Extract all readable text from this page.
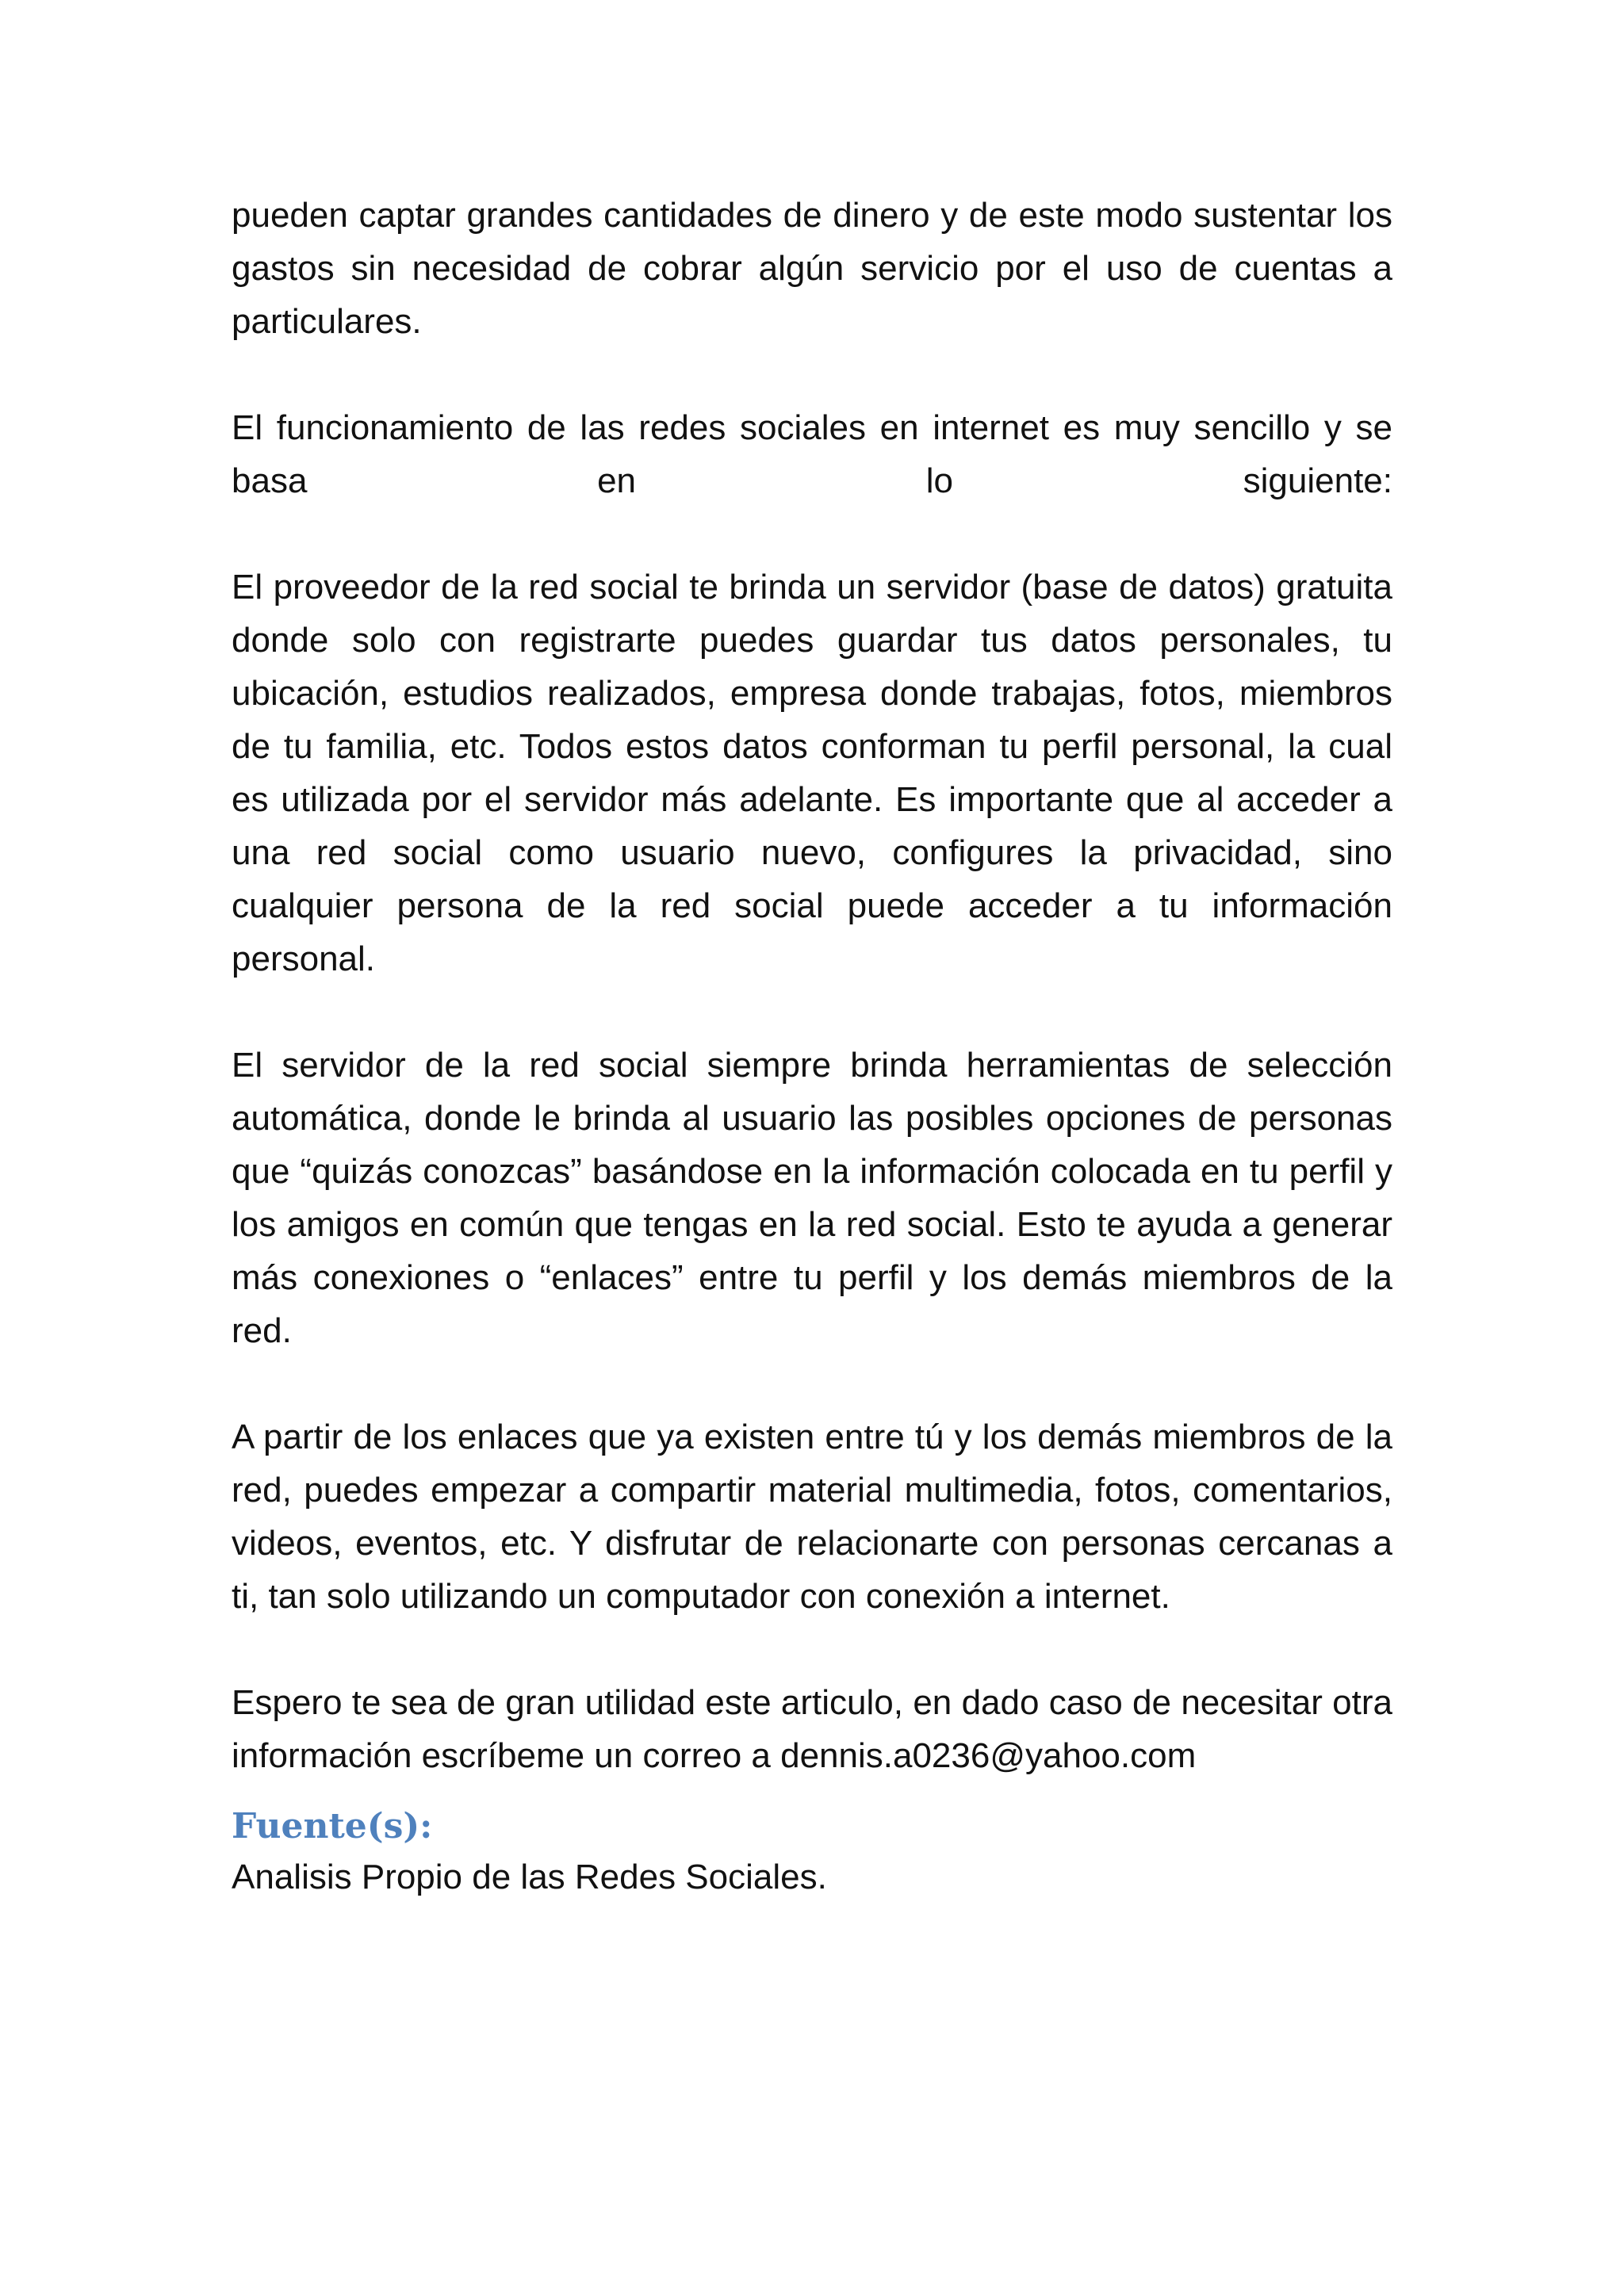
pueden captar grandes cantidades de dinero y de este modo sustentar los gastos sin necesidad de cobrar algún servicio por el uso de cuentas a particulares.

El funcionamiento de las redes sociales en internet es muy sencillo y se basa en lo siguiente:

El proveedor de la red social te brinda un servidor (base de datos) gratuita donde solo con registrarte puedes guardar tus datos personales, tu ubicación, estudios realizados, empresa donde trabajas, fotos, miembros de tu familia, etc. Todos estos datos conforman tu perfil personal, la cual es utilizada por el servidor más adelante. Es importante que al acceder a una red social como usuario nuevo, configures la privacidad, sino cualquier persona de la red social puede acceder a tu información personal.

El servidor de la red social siempre brinda herramientas de selección automática, donde le brinda al usuario las posibles opciones de personas que “quizás conozcas” basándose en la información colocada en tu perfil y los amigos en común que tengas en la red social. Esto te ayuda a generar más conexiones o “enlaces” entre tu perfil y los demás miembros de la red.

A partir de los enlaces que ya existen entre tú y los demás miembros de la red, puedes empezar a compartir material multimedia, fotos, comentarios, videos, eventos, etc. Y disfrutar de relacionarte con personas cercanas a ti, tan solo utilizando un computador con conexión a internet.

Espero te sea de gran utilidad este articulo, en dado caso de necesitar otra información escríbeme un correo a dennis.a0236@yahoo.com

Fuente(s):

Analisis Propio de las Redes Sociales.
